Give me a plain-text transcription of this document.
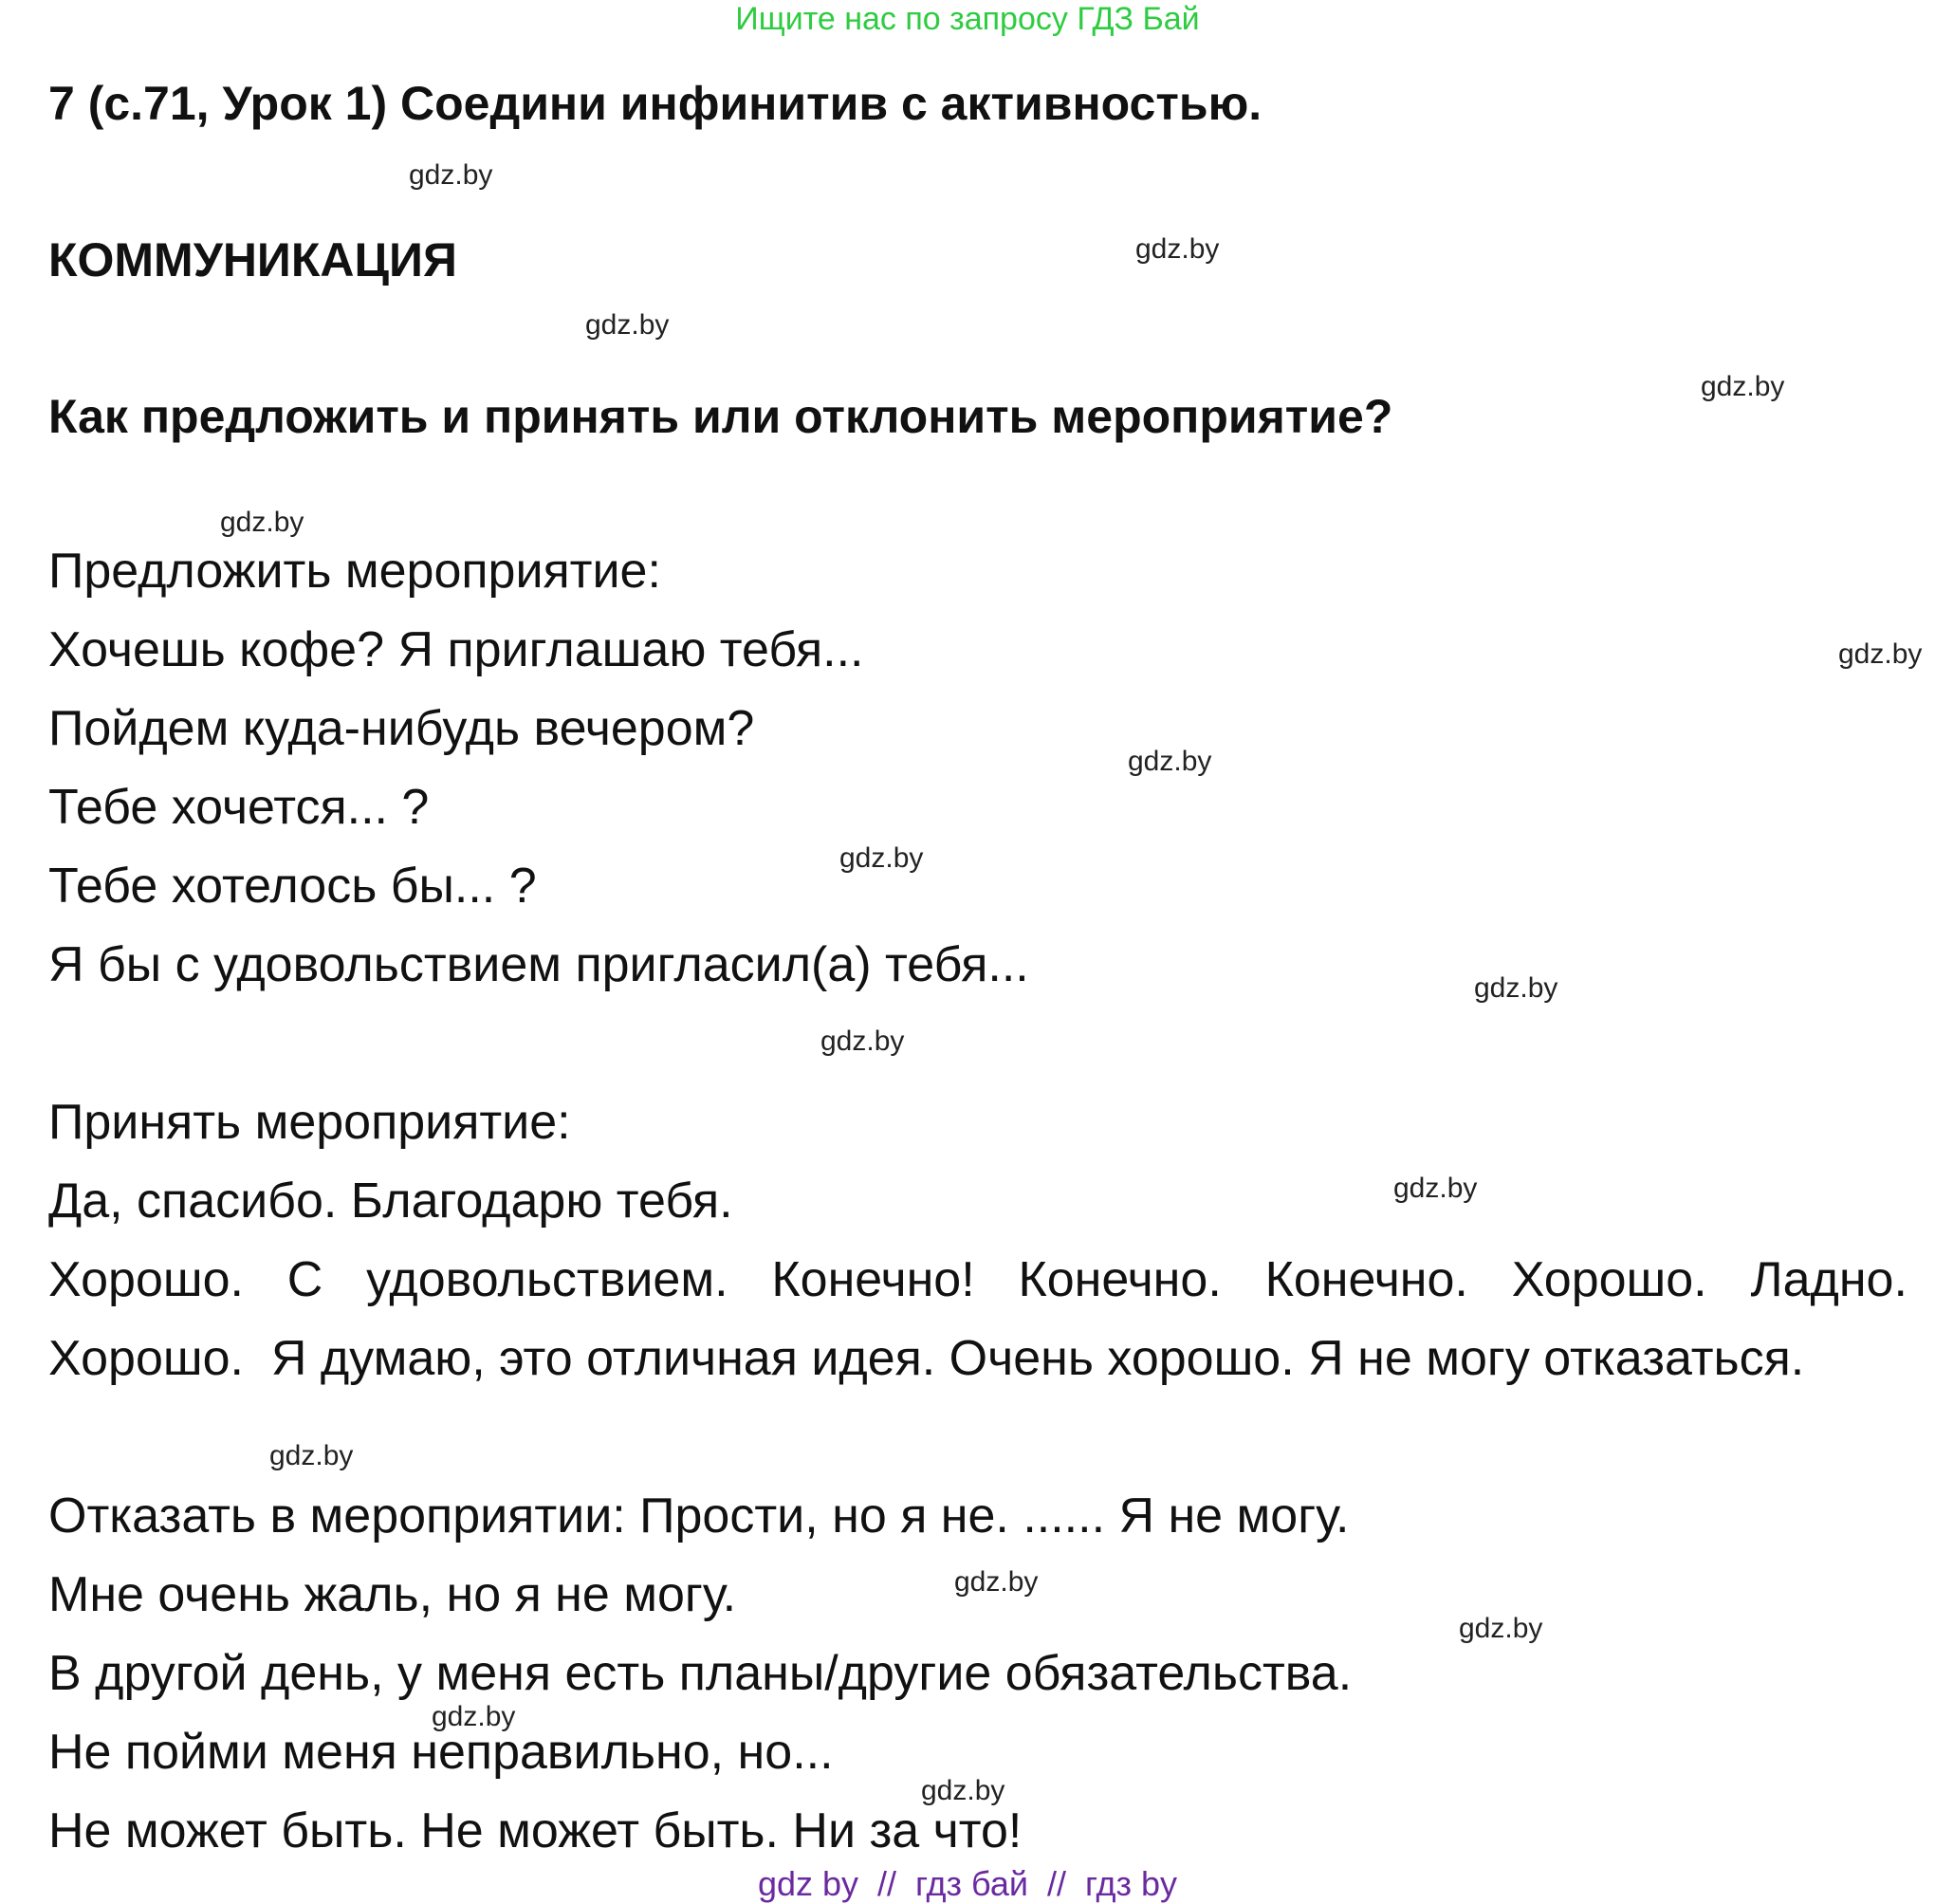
Ищите нас по запросу ГДЗ Бай
7 (с.71, Урок 1) Соедини инфинитив с активностью.
КОММУНИКАЦИЯ
Как предложить и принять или отклонить мероприятие?
Предложить мероприятие:
Хочешь кофе? Я приглашаю тебя...
Пойдем куда-нибудь вечером?
Тебе хочется... ?
Тебе хотелось бы... ?
Я бы с удовольствием пригласил(а) тебя...
Принять мероприятие:
Да, спасибо. Благодарю тебя.
Хорошо. С удовольствием. Конечно! Конечно. Конечно. Хорошо. Ладно.
Хорошо.  Я думаю, это отличная идея. Очень хорошо. Я не могу отказаться.
Отказать в мероприятии: Прости, но я не. ...... Я не могу.
Мне очень жаль, но я не могу.
В другой день, у меня есть планы/другие обязательства.
Не пойми меня неправильно, но...
Не может быть. Не может быть. Ни за что!
gdz.by
gdz.by
gdz.by
gdz.by
gdz.by
gdz.by
gdz.by
gdz.by
gdz.by
gdz.by
gdz.by
gdz.by
gdz.by
gdz.by
gdz.by
gdz.by
gdz by  //  гдз бай  //  гдз by
